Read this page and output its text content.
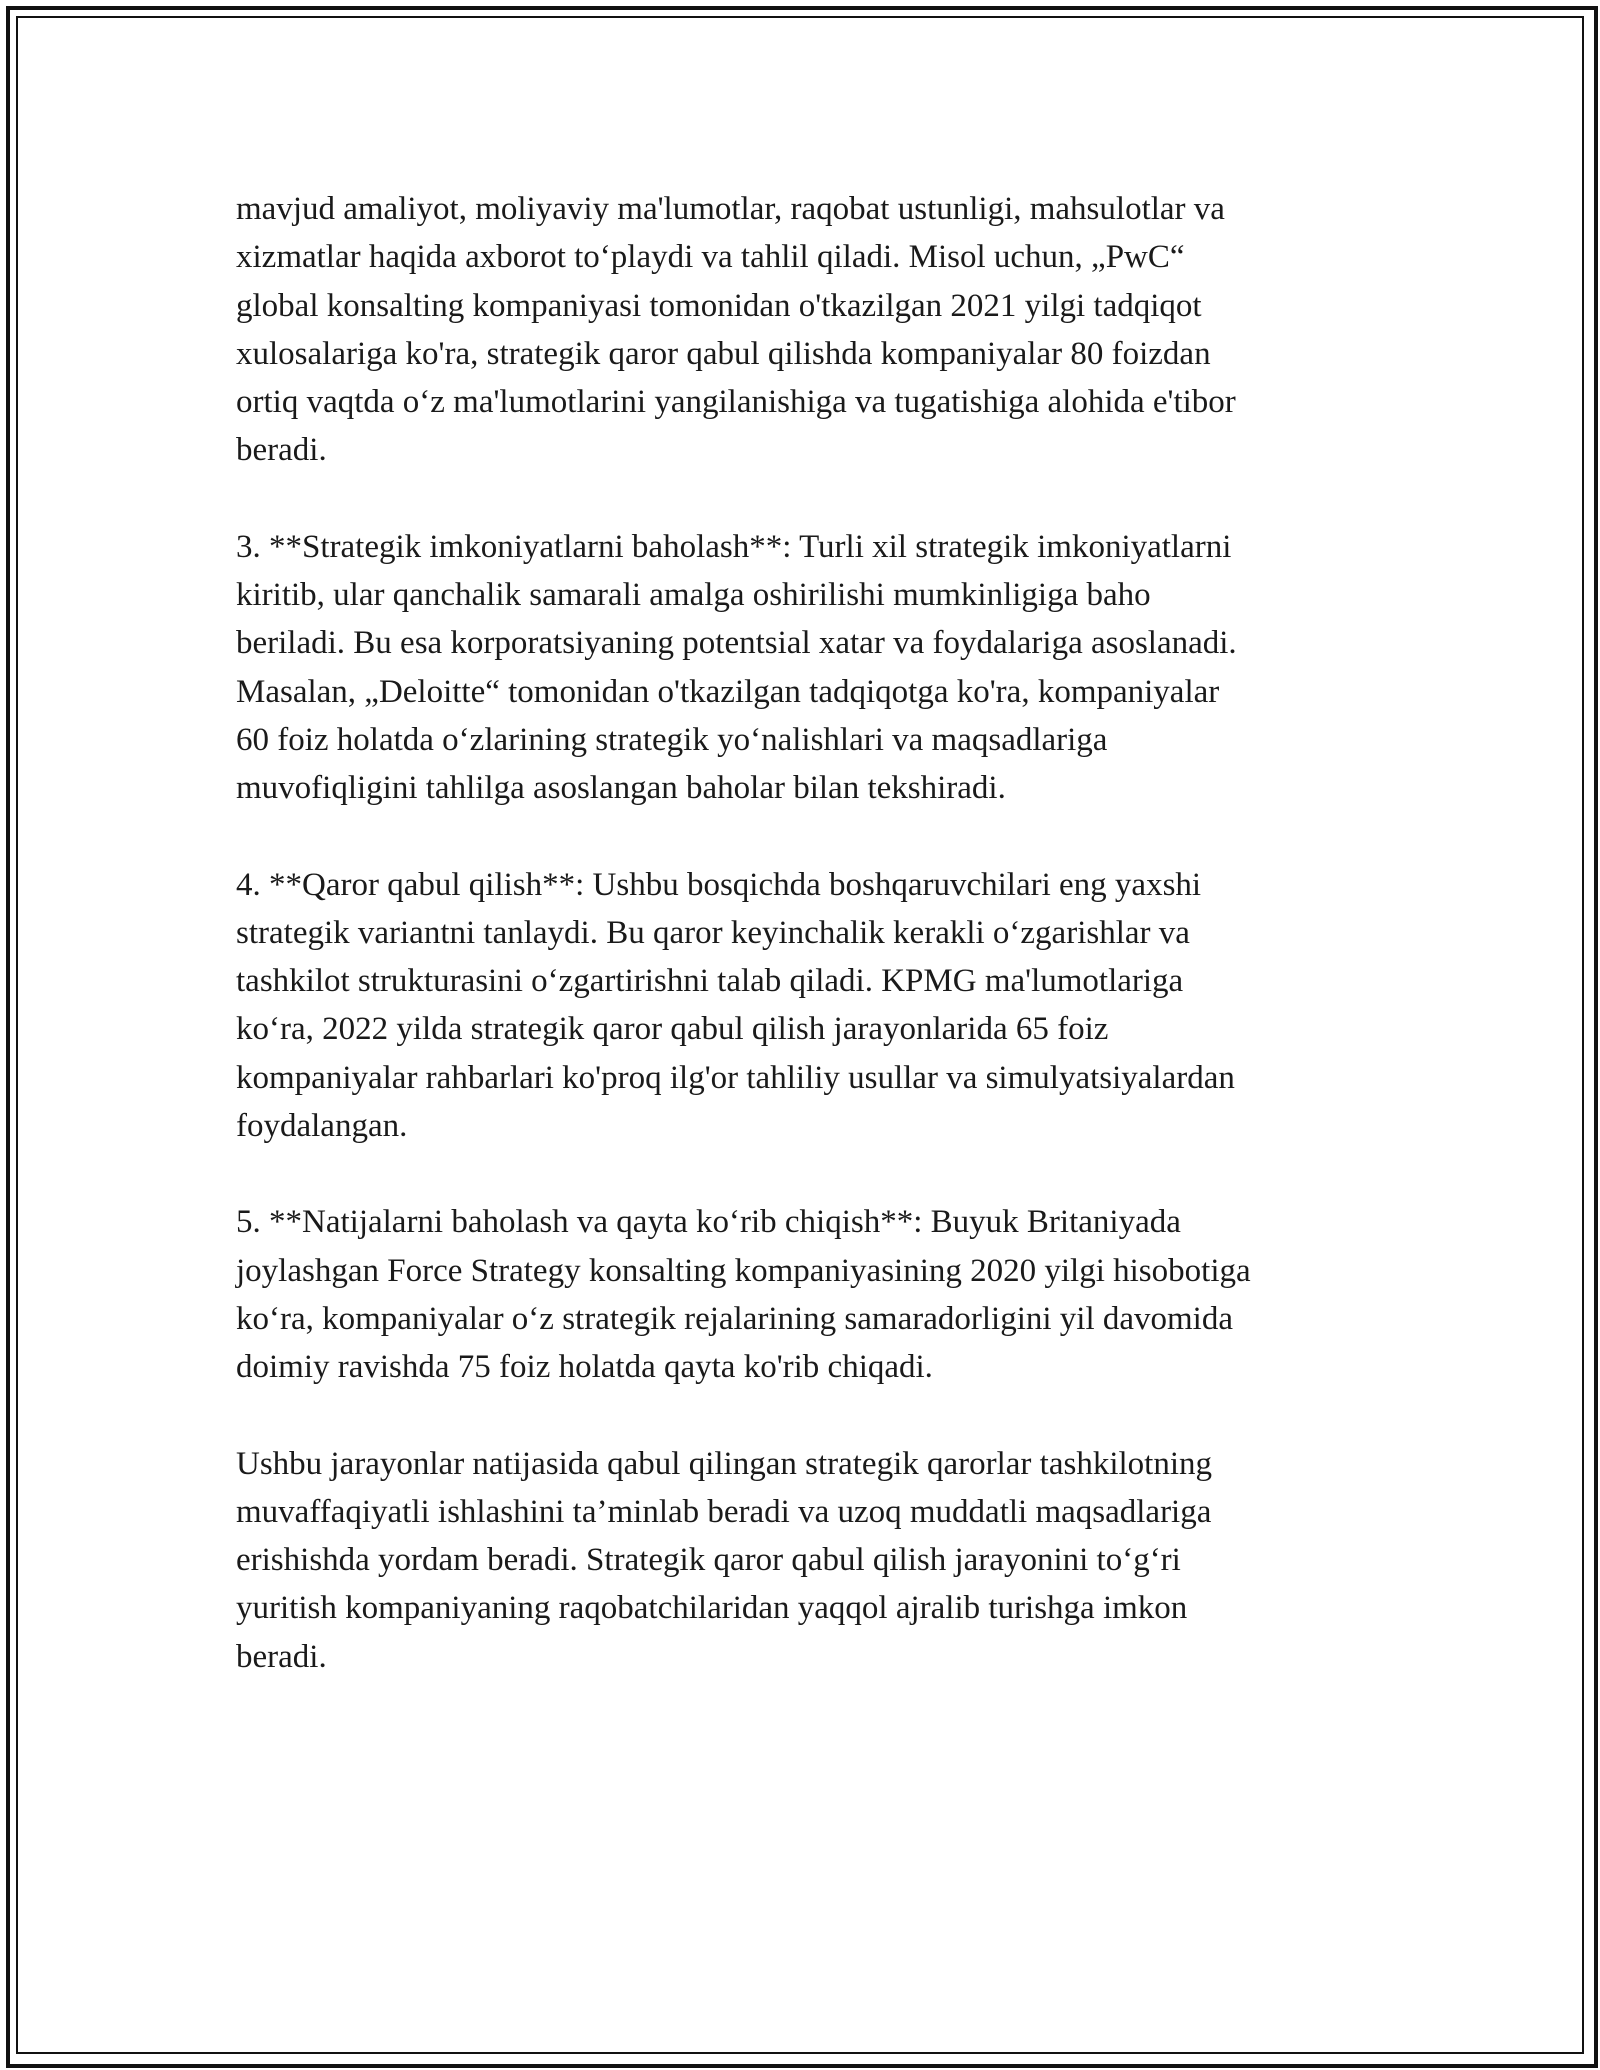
mavjud amaliyot, moliyaviy ma'lumotlar, raqobat ustunligi, mahsulotlar va
xizmatlar haqida axborot to‘playdi va tahlil qiladi. Misol uchun, „PwC“
global konsalting kompaniyasi tomonidan o'tkazilgan 2021 yilgi tadqiqot
xulosalariga ko'ra, strategik qaror qabul qilishda kompaniyalar 80 foizdan
ortiq vaqtda o‘z ma'lumotlarini yangilanishiga va tugatishiga alohida e'tibor
beradi.

3. **Strategik imkoniyatlarni baholash**: Turli xil strategik imkoniyatlarni
kiritib, ular qanchalik samarali amalga oshirilishi mumkinligiga baho
beriladi. Bu esa korporatsiyaning potentsial xatar va foydalariga asoslanadi.
Masalan, „Deloitte“ tomonidan o'tkazilgan tadqiqotga ko'ra, kompaniyalar
60 foiz holatda o‘zlarining strategik yo‘nalishlari va maqsadlariga
muvofiqligini tahlilga asoslangan baholar bilan tekshiradi.

4. **Qaror qabul qilish**: Ushbu bosqichda boshqaruvchilari eng yaxshi
strategik variantni tanlaydi. Bu qaror keyinchalik kerakli o‘zgarishlar va
tashkilot strukturasini o‘zgartirishni talab qiladi. KPMG ma'lumotlariga
ko‘ra, 2022 yilda strategik qaror qabul qilish jarayonlarida 65 foiz
kompaniyalar rahbarlari ko'proq ilg'or tahliliy usullar va simulyatsiyalardan
foydalangan.

5. **Natijalarni baholash va qayta ko‘rib chiqish**: Buyuk Britaniyada
joylashgan Force Strategy konsalting kompaniyasining 2020 yilgi hisobotiga
ko‘ra, kompaniyalar o‘z strategik rejalarining samaradorligini yil davomida
doimiy ravishda 75 foiz holatda qayta ko'rib chiqadi.

Ushbu jarayonlar natijasida qabul qilingan strategik qarorlar tashkilotning
muvaffaqiyatli ishlashini ta’minlab beradi va uzoq muddatli maqsadlariga
erishishda yordam beradi. Strategik qaror qabul qilish jarayonini to‘g‘ri
yuritish kompaniyaning raqobatchilaridan yaqqol ajralib turishga imkon
beradi.
